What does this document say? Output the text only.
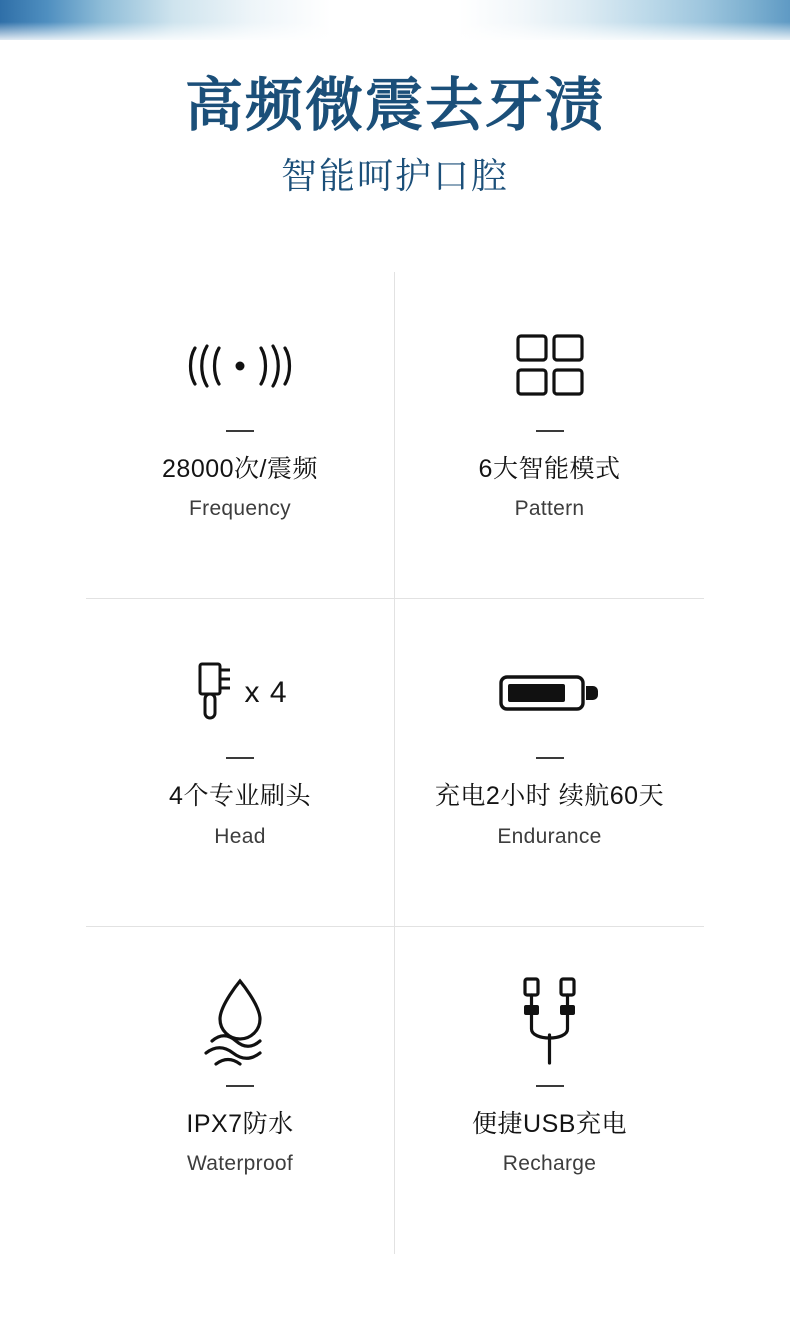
高频微震去牙渍
智能呵护口腔
28000次/震频
Frequency
6大智能模式
Pattern
x 4
4个专业刷头
Head
充电2小时 续航60天
Endurance
IPX7防水
Waterproof
便捷USB充电
Recharge
